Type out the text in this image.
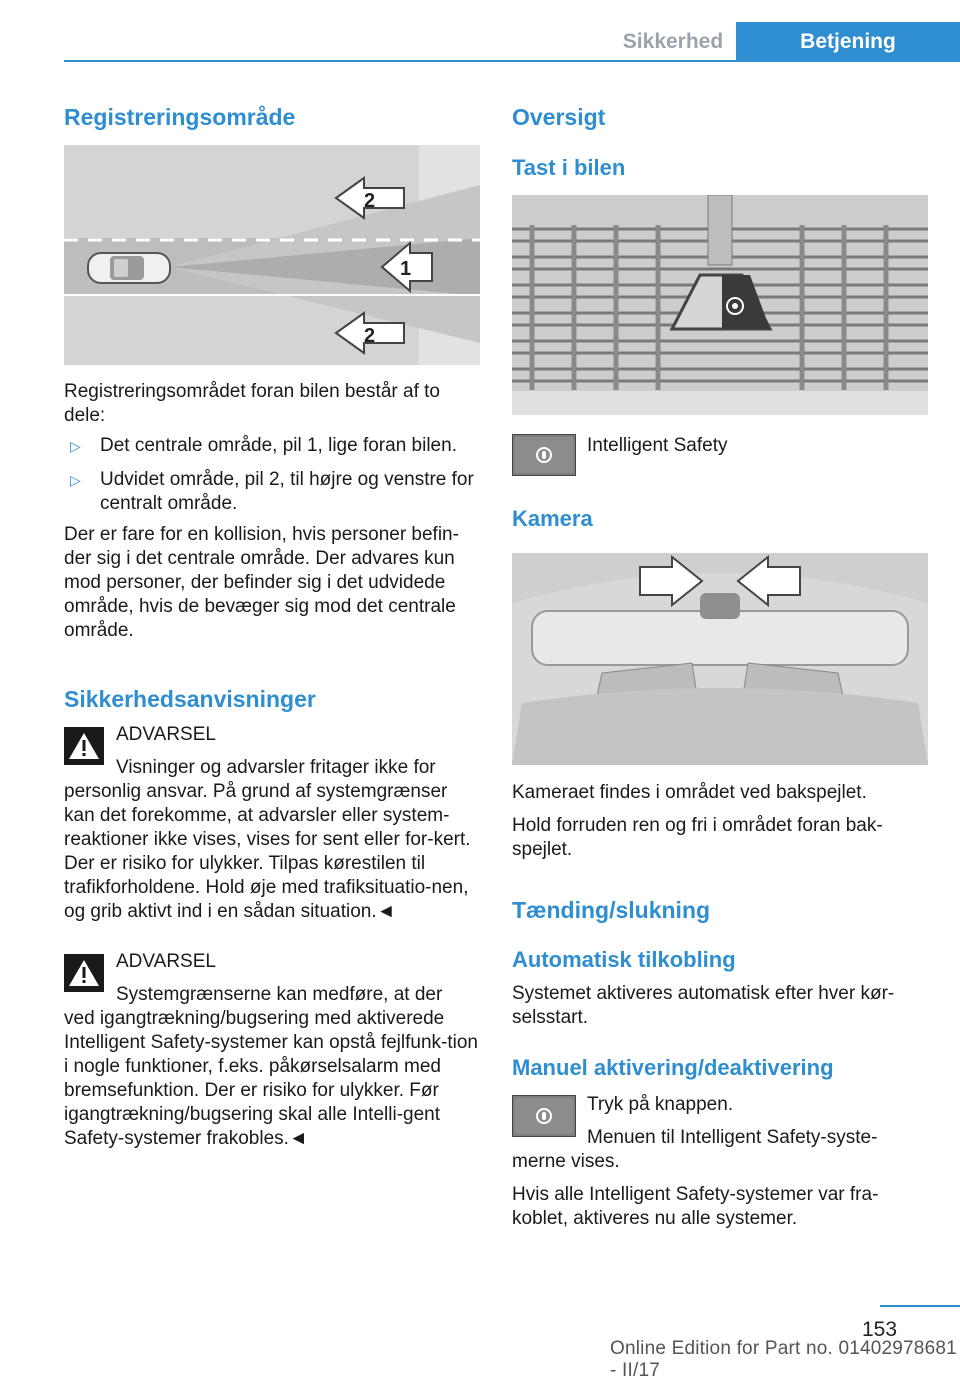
Sikkerhed	Betjening
Registreringsområde
2
1
2
Registreringsområdet foran bilen består af to dele:
▷ Det centrale område, pil 1, lige foran bilen.
▷ Udvidet område, pil 2, til højre og venstre for centralt område.
Der er fare for en kollision, hvis personer befin-der sig i det centrale område. Der advares kun mod personer, der befinder sig i det udvidede område, hvis de bevæger sig mod det centrale område.
Sikkerhedsanvisninger
ADVARSEL
Visninger og advarsler fritager ikke for personlig ansvar. På grund af systemgrænser kan det forekomme, at advarsler eller system-reaktioner ikke vises, vises for sent eller for-kert. Der er risiko for ulykker. Tilpas kørestilen til trafikforholdene. Hold øje med trafiksituatio-nen, og grib aktivt ind i en sådan situation.◄
ADVARSEL
Systemgrænserne kan medføre, at der ved igangtrækning/bugsering med aktiverede Intelligent Safety-systemer kan opstå fejlfunk-tion i nogle funktioner, f.eks. påkørselsalarm med bremsefunktion. Der er risiko for ulykker. Før igangtrækning/bugsering skal alle Intelli-gent Safety-systemer frakobles.◄
Oversigt
Tast i bilen
Intelligent Safety
Kamera
Kameraet findes i området ved bakspejlet.
Hold forruden ren og fri i området foran bak-spejlet.
Tænding/slukning
Automatisk tilkobling
Systemet aktiveres automatisk efter hver kør-selsstart.
Manuel aktivering/deaktivering
Tryk på knappen.
Menuen til Intelligent Safety-syste-merne vises.
Hvis alle Intelligent Safety-systemer var fra-koblet, aktiveres nu alle systemer.
153
Online Edition for Part no. 01402978681 - II/17
